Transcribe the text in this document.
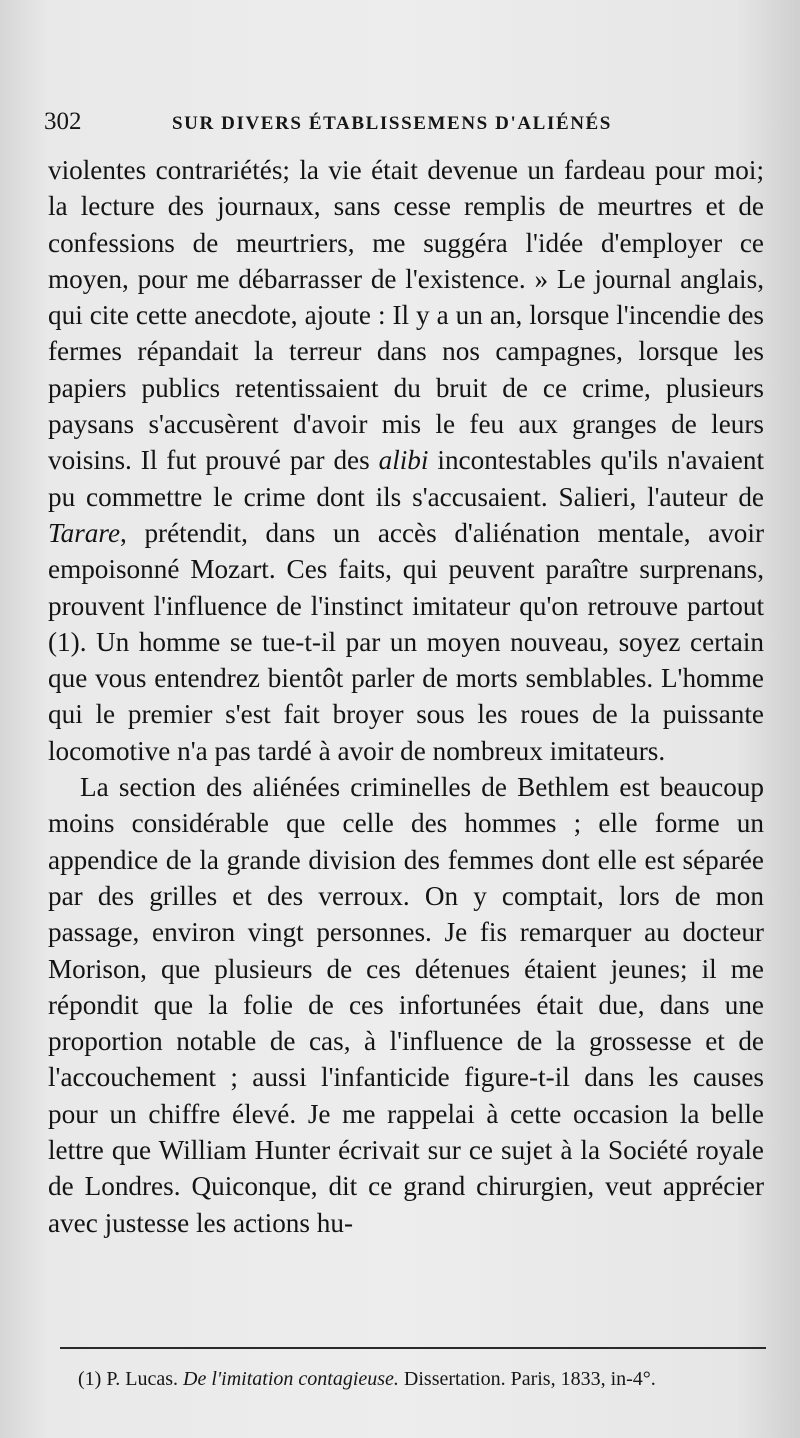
302	SUR DIVERS ÉTABLISSEMENS D'ALIÉNÉS

violentes contrariétés; la vie était devenue un fardeau pour moi; la lecture des journaux, sans cesse remplis de meurtres et de confessions de meurtriers, me suggéra l'idée d'employer ce moyen, pour me débarrasser de l'existence. » Le journal anglais, qui cite cette anecdote, ajoute : Il y a un an, lorsque l'incendie des fermes répandait la terreur dans nos campagnes, lorsque les papiers publics retentissaient du bruit de ce crime, plusieurs paysans s'accusèrent d'avoir mis le feu aux granges de leurs voisins. Il fut prouvé par des alibi incontestables qu'ils n'avaient pu commettre le crime dont ils s'accusaient. Salieri, l'auteur de Tarare, prétendit, dans un accès d'aliénation mentale, avoir empoisonné Mozart. Ces faits, qui peuvent paraître surprenans, prouvent l'influence de l'instinct imitateur qu'on retrouve partout (1). Un homme se tue-t-il par un moyen nouveau, soyez certain que vous entendrez bientôt parler de morts semblables. L'homme qui le premier s'est fait broyer sous les roues de la puissante locomotive n'a pas tardé à avoir de nombreux imitateurs.

La section des aliénées criminelles de Bethlem est beaucoup moins considérable que celle des hommes ; elle forme un appendice de la grande division des femmes dont elle est séparée par des grilles et des verroux. On y comptait, lors de mon passage, environ vingt personnes. Je fis remarquer au docteur Morison, que plusieurs de ces détenues étaient jeunes; il me répondit que la folie de ces infortunées était due, dans une proportion notable de cas, à l'influence de la grossesse et de l'accouchement ; aussi l'infanticide figure-t-il dans les causes pour un chiffre élevé. Je me rappelai à cette occasion la belle lettre que William Hunter écrivait sur ce sujet à la Société royale de Londres. Quiconque, dit ce grand chirurgien, veut apprécier avec justesse les actions hu-

(1) P. Lucas. De l'imitation contagieuse. Dissertation. Paris, 1833, in-4°.
